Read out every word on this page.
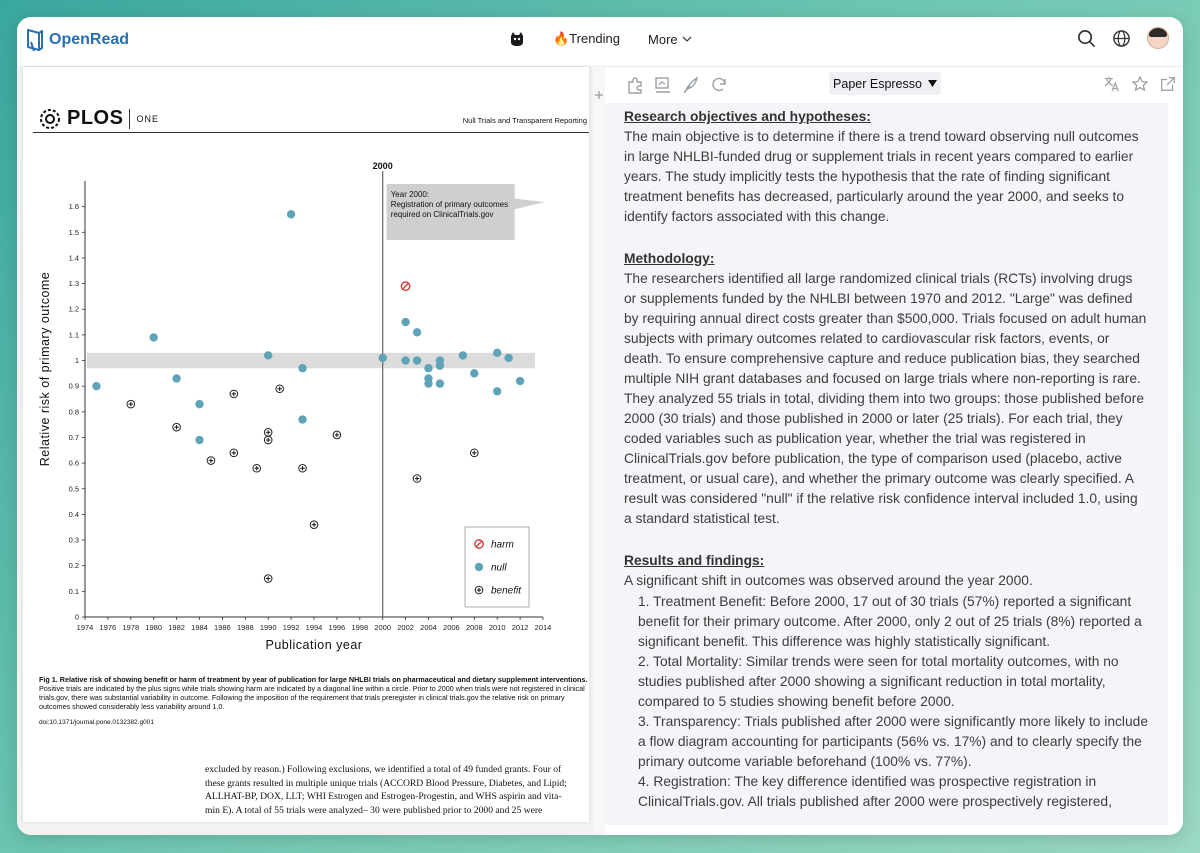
OpenRead	🔥Trending More
PLOS ONE	Null Trials and Transparent Reporting
1974 1976 1978 1980 1982 1984 1986 1988 1990 1992 1994 1996 1998 2000 2002 2004 2006 2008 2010 2012 2014
0
0.1
0.2
0.3
0.4
0.5
0.6
0.7
0.8
0.9
1
1.1
1.2
1.3
1.4
1.5
1.6
Publication year
Relative risk of primary outcome
2000
Year 2000:
Registration of primary outcomes
required on ClinicalTrials.gov
harm
null
benefit
Fig 1. Relative risk of showing benefit or harm of treatment by year of publication for large NHLBI trials on pharmaceutical and dietary supplement interventions. Positive trials are indicated by the plus signs while trials showing harm are indicated by a diagonal line within a circle. Prior to 2000 when trials were not registered in clinical trials.gov, there was substantial variability in outcome. Following the imposition of the requirement that trials preregister in clinical trials.gov the relative risk on primary outcomes showed considerably less variability around 1.0.
doi:10.1371/journal.pone.0132382.g001
excluded by reason.) Following exclusions, we identified a total of 49 funded grants. Four of
these grants resulted in multiple unique trials (ACCORD Blood Pressure, Diabetes, and Lipid;
ALLHAT-BP, DOX, LLT; WHI Estrogen and Estrogen-Progestin, and WHS aspirin and vita-
min E). A total of 55 trials were analyzed– 30 were published prior to 2000 and 25 were
Paper Espresso
Research objectives and hypotheses:
The main objective is to determine if there is a trend toward observing null outcomes in large NHLBI-funded drug or supplement trials in recent years compared to earlier years. The study implicitly tests the hypothesis that the rate of finding significant treatment benefits has decreased, particularly around the year 2000, and seeks to identify factors associated with this change.
Methodology:
The researchers identified all large randomized clinical trials (RCTs) involving drugs or supplements funded by the NHLBI between 1970 and 2012. "Large" was defined by requiring annual direct costs greater than $500,000. Trials focused on adult human subjects with primary outcomes related to cardiovascular risk factors, events, or death. To ensure comprehensive capture and reduce publication bias, they searched multiple NIH grant databases and focused on large trials where non-reporting is rare. They analyzed 55 trials in total, dividing them into two groups: those published before 2000 (30 trials) and those published in 2000 or later (25 trials). For each trial, they coded variables such as publication year, whether the trial was registered in ClinicalTrials.gov before publication, the type of comparison used (placebo, active treatment, or usual care), and whether the primary outcome was clearly specified. A result was considered "null" if the relative risk confidence interval included 1.0, using a standard statistical test.
Results and findings:
A significant shift in outcomes was observed around the year 2000.
1. Treatment Benefit: Before 2000, 17 out of 30 trials (57%) reported a significant benefit for their primary outcome. After 2000, only 2 out of 25 trials (8%) reported a significant benefit. This difference was highly statistically significant.
2. Total Mortality: Similar trends were seen for total mortality outcomes, with no studies published after 2000 showing a significant reduction in total mortality, compared to 5 studies showing benefit before 2000.
3. Transparency: Trials published after 2000 were significantly more likely to include a flow diagram accounting for participants (56% vs. 17%) and to clearly specify the primary outcome variable beforehand (100% vs. 77%).
4. Registration: The key difference identified was prospective registration in ClinicalTrials.gov. All trials published after 2000 were prospectively registered,
